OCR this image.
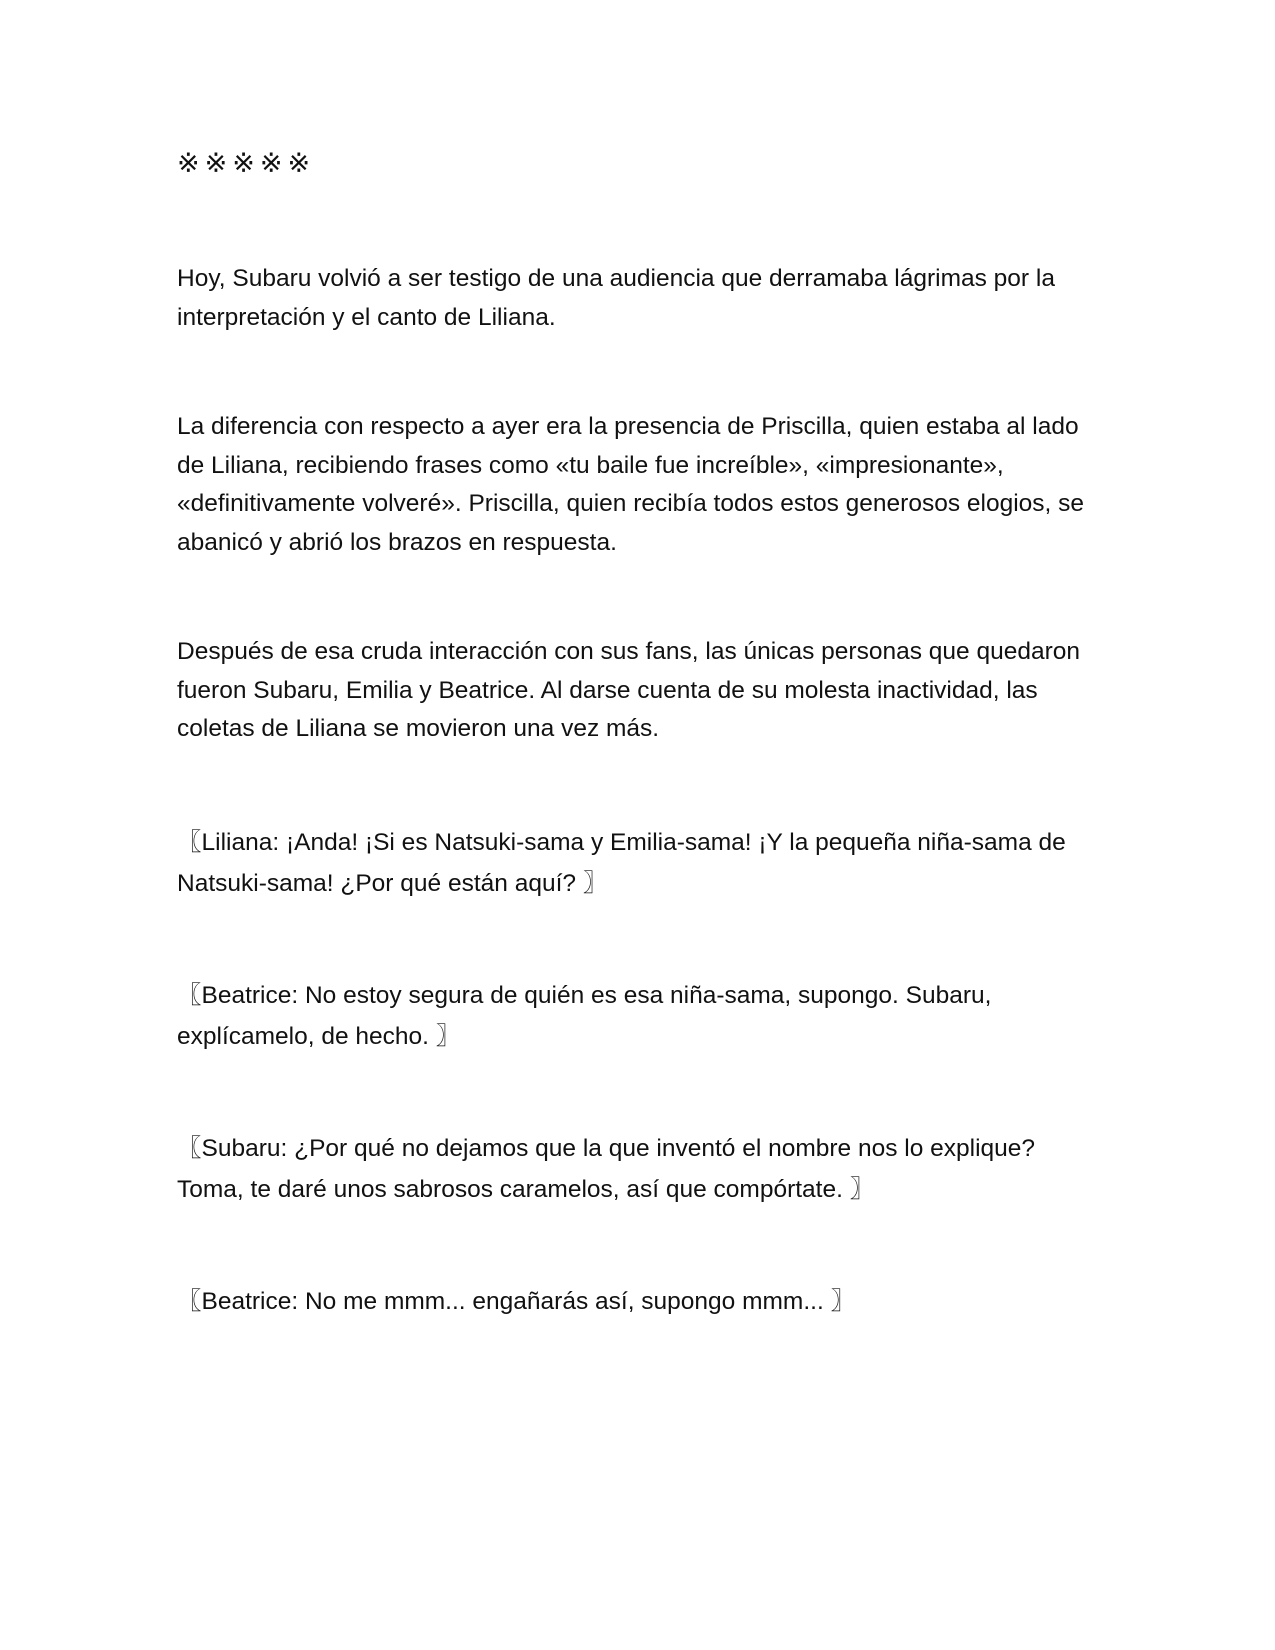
※※※※※

Hoy, Subaru volvió a ser testigo de una audiencia que derramaba lágrimas por la interpretación y el canto de Liliana.

La diferencia con respecto a ayer era la presencia de Priscilla, quien estaba al lado de Liliana, recibiendo frases como «tu baile fue increíble», «impresionante», «definitivamente volveré». Priscilla, quien recibía todos estos generosos elogios, se abanicó y abrió los brazos en respuesta.

Después de esa cruda interacción con sus fans, las únicas personas que quedaron fueron Subaru, Emilia y Beatrice. Al darse cuenta de su molesta inactividad, las coletas de Liliana se movieron una vez más.

〖Liliana: ¡Anda! ¡Si es Natsuki-sama y Emilia-sama! ¡Y la pequeña niña-sama de Natsuki-sama! ¿Por qué están aquí? 〗

〖Beatrice: No estoy segura de quién es esa niña-sama, supongo. Subaru, explícamelo, de hecho. 〗

〖Subaru: ¿Por qué no dejamos que la que inventó el nombre nos lo explique? Toma, te daré unos sabrosos caramelos, así que compórtate. 〗

〖Beatrice: No me mmm... engañarás así, supongo mmm... 〗
